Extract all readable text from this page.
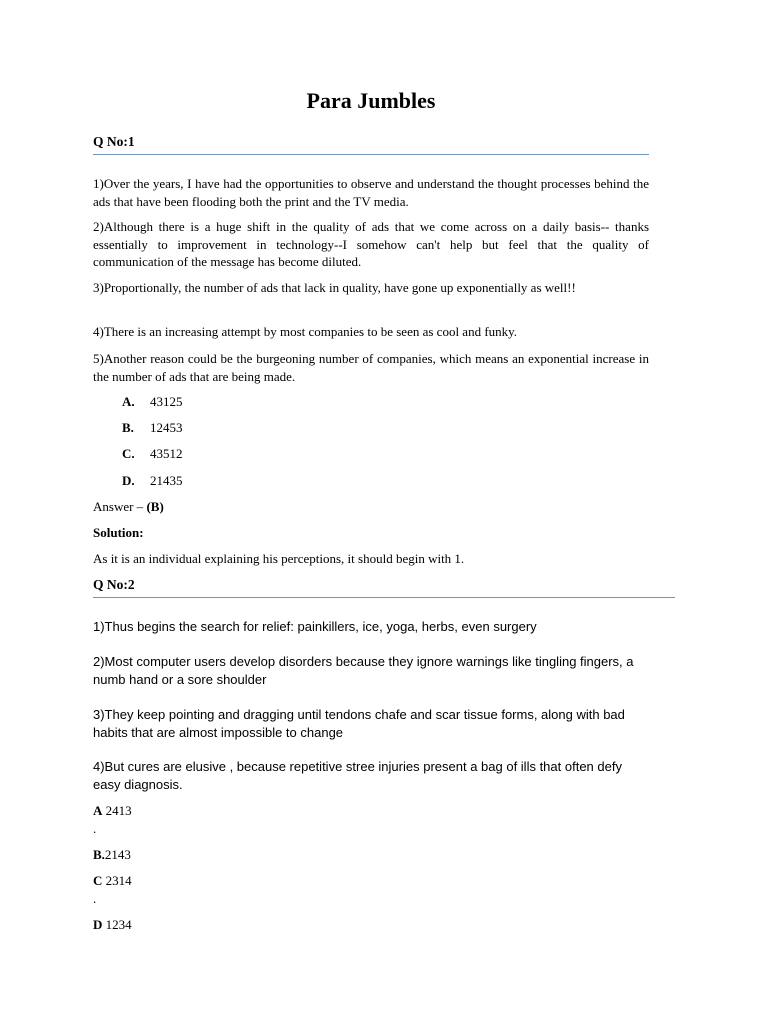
Para Jumbles
Q No:1
1)Over the years, I have had the opportunities to observe and understand the thought processes behind the ads that have been flooding both the print and the TV media.
2)Although there is a huge shift in the quality of ads that we come across on a daily basis-- thanks essentially to improvement in technology--I somehow can't help but feel that the quality of communication of the message has become diluted.
3)Proportionally, the number of ads that lack in quality, have gone up exponentially as well!!
4)There is an increasing attempt by most companies to be seen as cool and funky.
5)Another reason could be the burgeoning number of companies, which means an exponential increase in the number of ads that are being made.
A. 43125
B. 12453
C. 43512
D. 21435
Answer – (B)
Solution:
As it is an individual explaining his perceptions, it should begin with 1.
Q No:2
1)Thus begins the search for relief: painkillers, ice, yoga, herbs, even surgery
2)Most computer users develop disorders because they ignore warnings like tingling fingers, a numb hand or a sore shoulder
3)They keep pointing and dragging until tendons chafe and scar tissue forms, along with bad habits that are almost impossible to change
4)But cures are elusive , because repetitive stree injuries present a bag of ills that often defy easy diagnosis.
A 2413
.
B.2143
C 2314
.
D 1234
